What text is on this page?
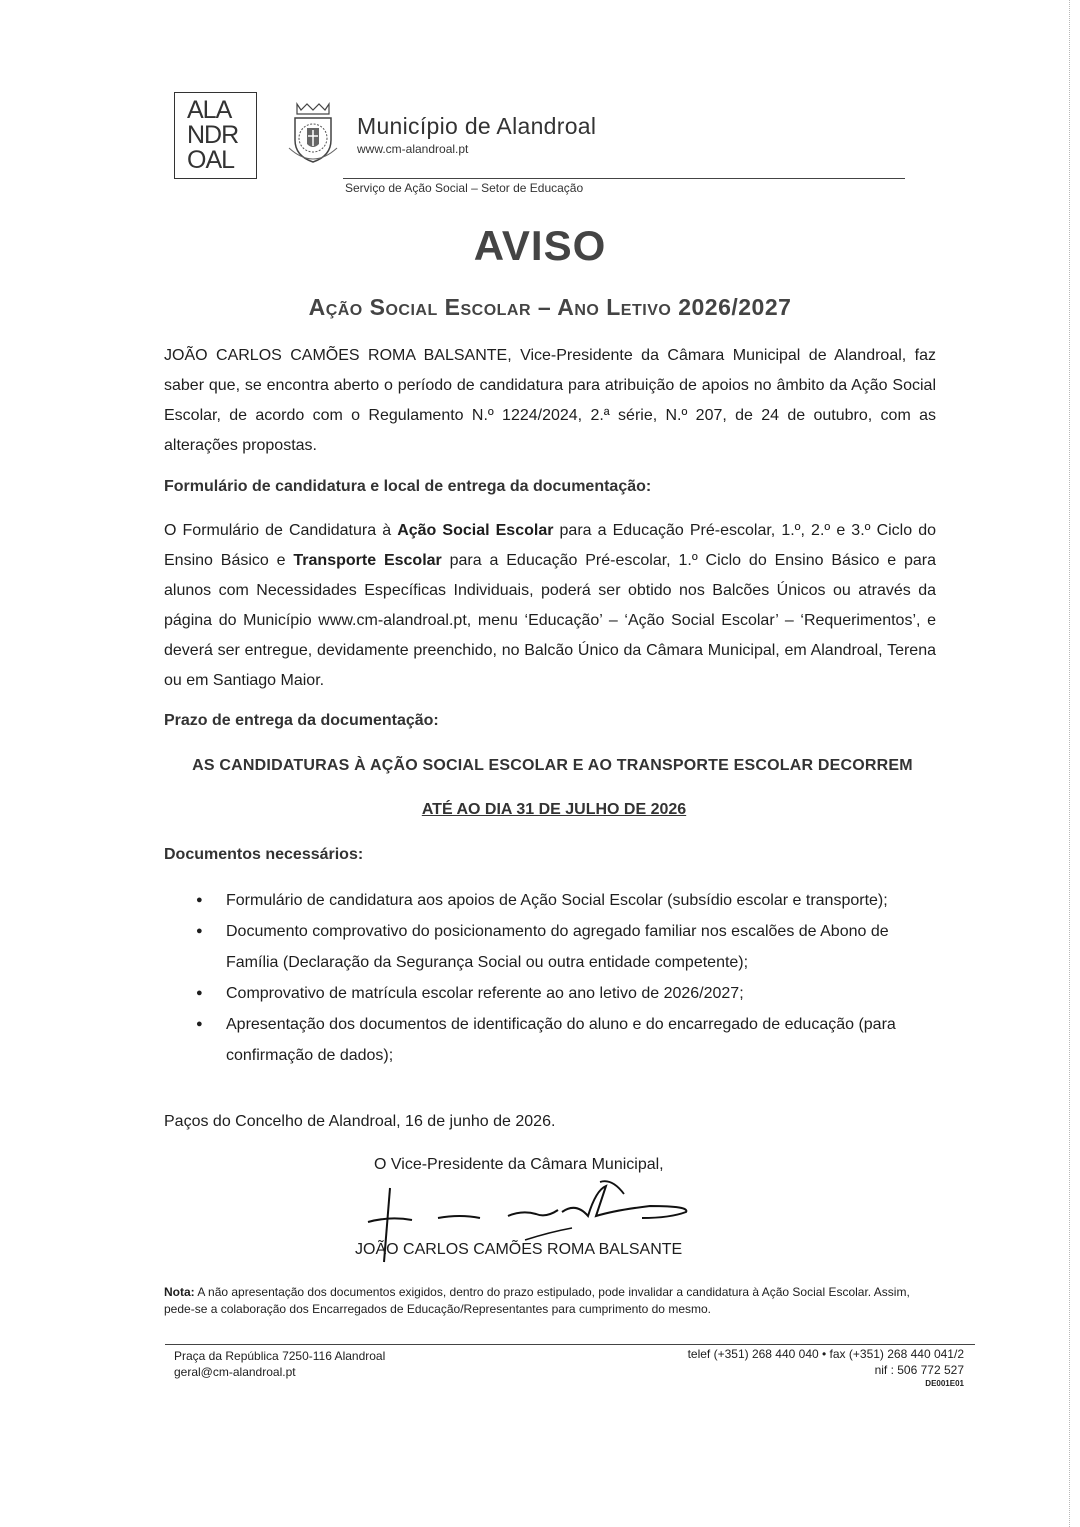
ALA
NDR
OAL
Município de Alandroal
www.cm-alandroal.pt
Serviço de Ação Social – Setor de Educação
AVISO
Ação Social Escolar – Ano Letivo 2026/2027
JOÃO CARLOS CAMÕES ROMA BALSANTE, Vice-Presidente da Câmara Municipal de Alandroal, faz saber que, se encontra aberto o período de candidatura para atribuição de apoios no âmbito da Ação Social Escolar, de acordo com o Regulamento N.º 1224/2024, 2.ª série, N.º 207, de 24 de outubro, com as alterações propostas.
Formulário de candidatura e local de entrega da documentação:
O Formulário de Candidatura à Ação Social Escolar para a Educação Pré-escolar, 1.º, 2.º e 3.º Ciclo do Ensino Básico e Transporte Escolar para a Educação Pré-escolar, 1.º Ciclo do Ensino Básico e para alunos com Necessidades Específicas Individuais, poderá ser obtido nos Balcões Únicos ou através da página do Município www.cm-alandroal.pt, menu ‘Educação’ – ‘Ação Social Escolar’ – ‘Requerimentos’, e deverá ser entregue, devidamente preenchido, no Balcão Único da Câmara Municipal, em Alandroal, Terena ou em Santiago Maior.
Prazo de entrega da documentação:
AS CANDIDATURAS À AÇÃO SOCIAL ESCOLAR E AO TRANSPORTE ESCOLAR DECORREM
ATÉ AO DIA 31 DE JULHO DE 2026
Documentos necessários:
● Formulário de candidatura aos apoios de Ação Social Escolar (subsídio escolar e transporte);
● Documento comprovativo do posicionamento do agregado familiar nos escalões de Abono de Família (Declaração da Segurança Social ou outra entidade competente);
● Comprovativo de matrícula escolar referente ao ano letivo de 2026/2027;
● Apresentação dos documentos de identificação do aluno e do encarregado de educação (para confirmação de dados);
Paços do Concelho de Alandroal, 16 de junho de 2026.
O Vice-Presidente da Câmara Municipal,
JOÃO CARLOS CAMÕES ROMA BALSANTE
Nota: A não apresentação dos documentos exigidos, dentro do prazo estipulado, pode invalidar a candidatura à Ação Social Escolar. Assim, pede-se a colaboração dos Encarregados de Educação/Representantes para cumprimento do mesmo.
Praça da República 7250-116 Alandroal
geral@cm-alandroal.pt
telef (+351) 268 440 040 • fax (+351) 268 440 041/2
nif : 506 772 527
DE001E01
